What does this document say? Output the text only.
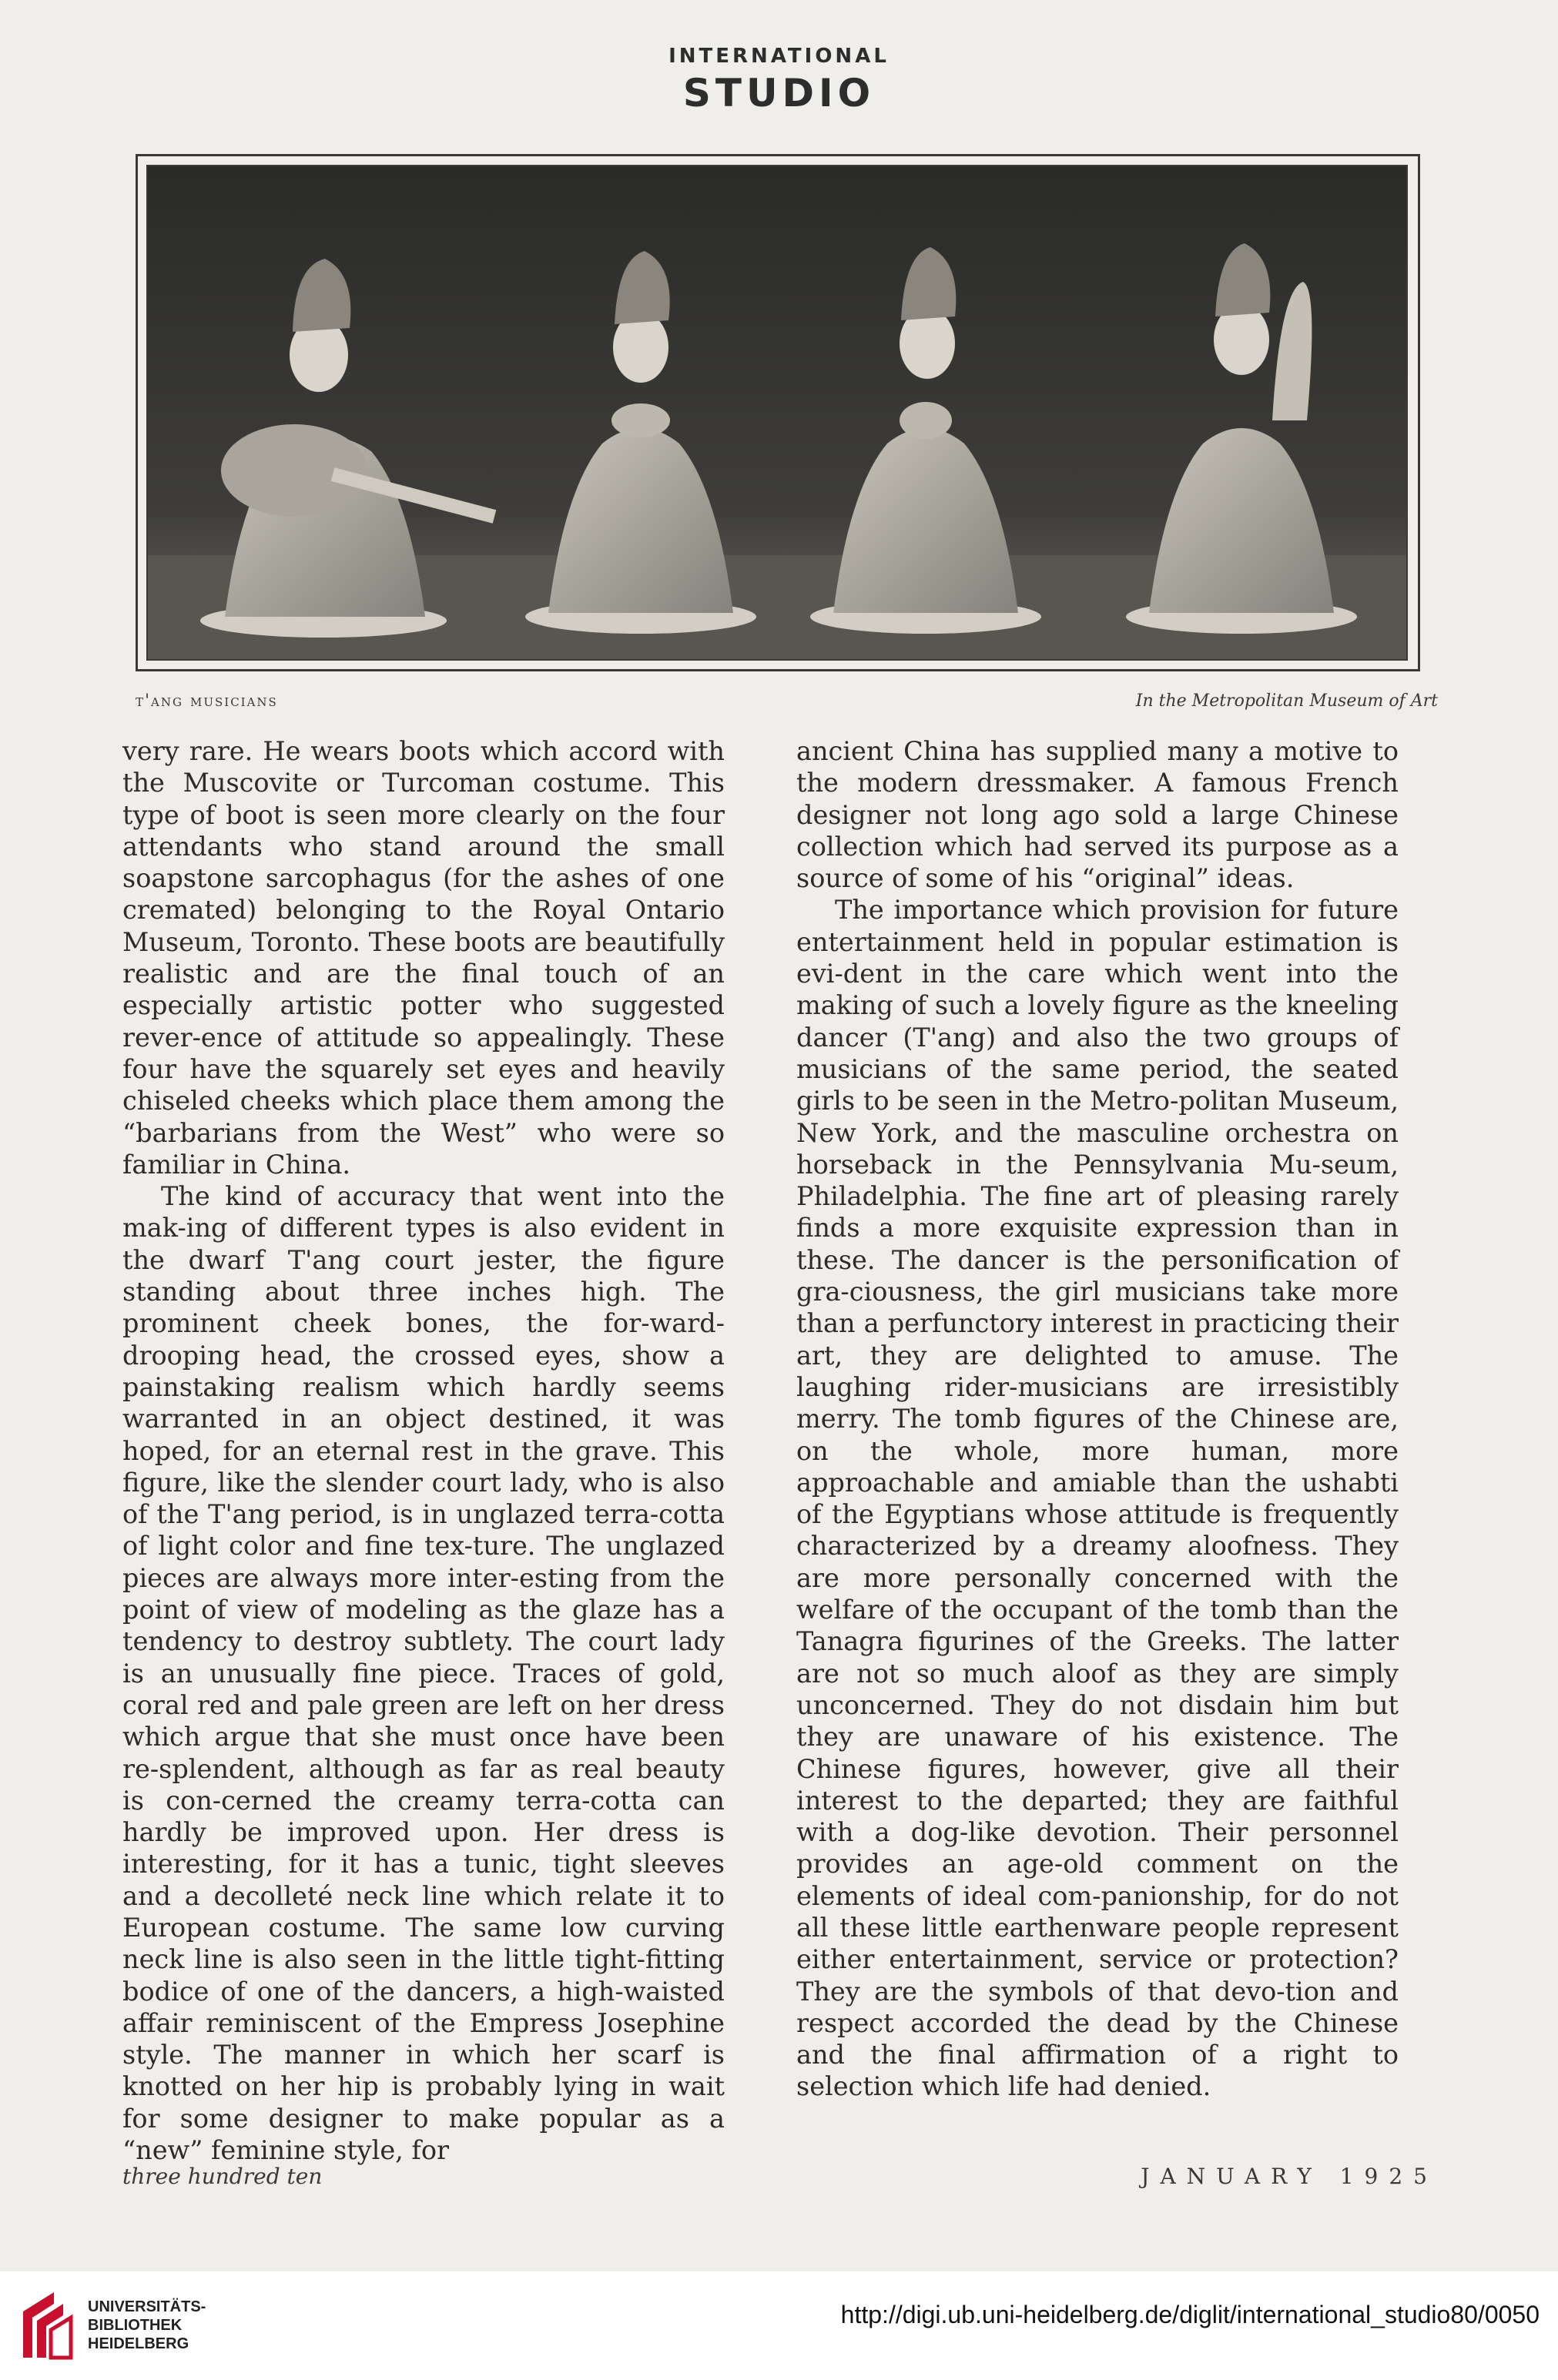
INTERNATIONAL
STUDIO
t'ang musicians	In the Metropolitan Museum of Art

very rare. He wears boots which accord with the Muscovite or Turcoman costume. This type of boot is seen more clearly on the four attendants who stand around the small soapstone sarcophagus (for the ashes of one cremated) belonging to the Royal Ontario Museum, Toronto. These boots are beautifully realistic and are the final touch of an especially artistic potter who suggested rever-ence of attitude so appealingly. These four have the squarely set eyes and heavily chiseled cheeks which place them among the “barbarians from the West” who were so familiar in China.

The kind of accuracy that went into the mak-ing of different types is also evident in the dwarf T'ang court jester, the figure standing about three inches high. The prominent cheek bones, the for-ward-drooping head, the crossed eyes, show a painstaking realism which hardly seems warranted in an object destined, it was hoped, for an eternal rest in the grave. This figure, like the slender court lady, who is also of the T'ang period, is in unglazed terra-cotta of light color and fine tex-ture. The unglazed pieces are always more inter-esting from the point of view of modeling as the glaze has a tendency to destroy subtlety. The court lady is an unusually fine piece. Traces of gold, coral red and pale green are left on her dress which argue that she must once have been re-splendent, although as far as real beauty is con-cerned the creamy terra-cotta can hardly be improved upon. Her dress is interesting, for it has a tunic, tight sleeves and a decolleté neck line which relate it to European costume. The same low curving neck line is also seen in the little tight-fitting bodice of one of the dancers, a high-waisted affair reminiscent of the Empress Josephine style. The manner in which her scarf is knotted on her hip is probably lying in wait for some designer to make popular as a “new” feminine style, for

ancient China has supplied many a motive to the modern dressmaker. A famous French designer not long ago sold a large Chinese collection which had served its purpose as a source of some of his “original” ideas.

The importance which provision for future entertainment held in popular estimation is evi-dent in the care which went into the making of such a lovely figure as the kneeling dancer (T'ang) and also the two groups of musicians of the same period, the seated girls to be seen in the Metro-politan Museum, New York, and the masculine orchestra on horseback in the Pennsylvania Mu-seum, Philadelphia. The fine art of pleasing rarely finds a more exquisite expression than in these. The dancer is the personification of gra-ciousness, the girl musicians take more than a perfunctory interest in practicing their art, they are delighted to amuse. The laughing rider-musicians are irresistibly merry. The tomb figures of the Chinese are, on the whole, more human, more approachable and amiable than the ushabti of the Egyptians whose attitude is frequently characterized by a dreamy aloofness. They are more personally concerned with the welfare of the occupant of the tomb than the Tanagra figurines of the Greeks. The latter are not so much aloof as they are simply unconcerned. They do not disdain him but they are unaware of his existence. The Chinese figures, however, give all their interest to the departed; they are faithful with a dog-like devotion. Their personnel provides an age-old comment on the elements of ideal com-panionship, for do not all these little earthenware people represent either entertainment, service or protection? They are the symbols of that devo-tion and respect accorded the dead by the Chinese and the final affirmation of a right to selection which life had denied.

three hundred ten	JANUARY 1925
UNIVERSITÄTS-
BIBLIOTHEK
HEIDELBERG
http://digi.ub.uni-heidelberg.de/diglit/international_studio80/0050
